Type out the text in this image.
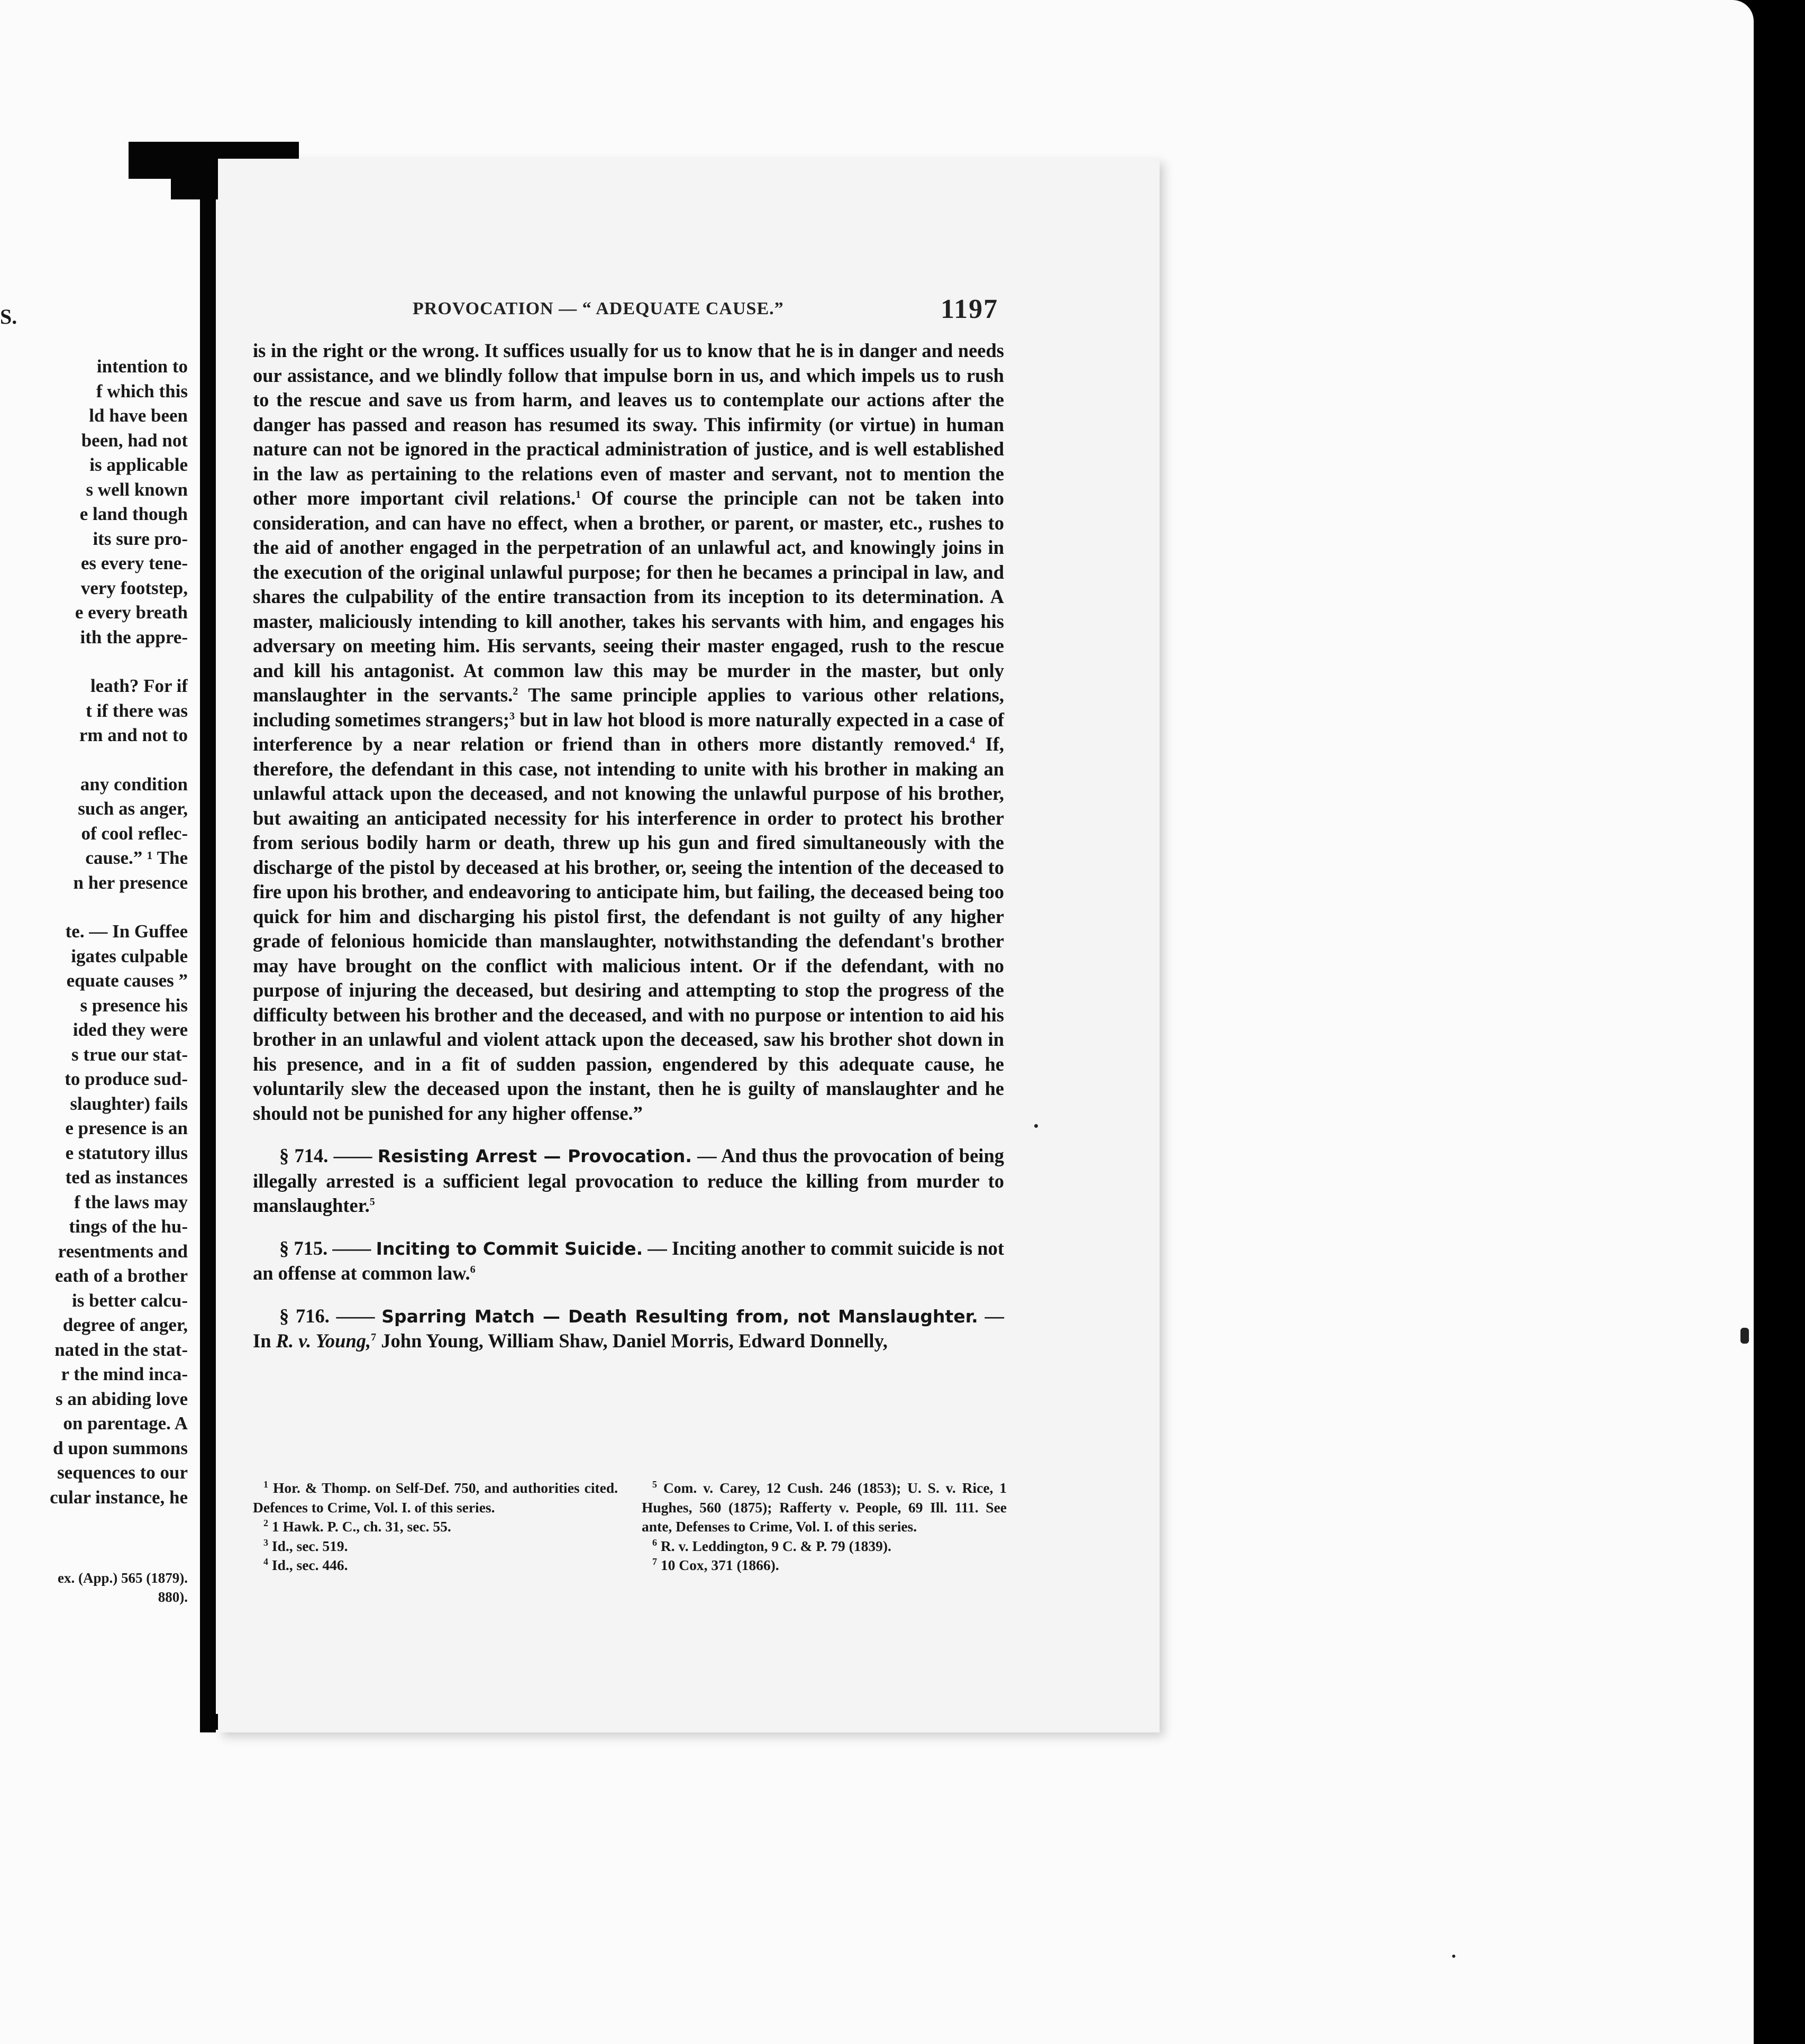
S.
intention to
f which this
ld have been
been, had not
is applicable
s well known
e land though
its sure pro-
es every tene-
very footstep,
e every breath
ith the appre-
leath? For if
t if there was
rm and not to
any condition
such as anger,
of cool reflec-
cause.” ¹ The
n her presence
te. — In Guffee
igates culpable
equate causes ”
s presence his
ided they were
s true our stat-
to produce sud-
slaughter) fails
e presence is an
e statutory illus
ted as instances
f the laws may
tings of the hu-
resentments and
eath of a brother
is better calcu-
degree of anger,
nated in the stat-
r the mind inca-
s an abiding love
on parentage. A
d upon summons
sequences to our
cular instance, he
ex. (App.) 565 (1879).
880).
PROVOCATION — “ ADEQUATE CAUSE.”	1197

is in the right or the wrong. It suffices usually for us to know that he is in danger and needs our assistance, and we blindly follow that impulse born in us, and which impels us to rush to the rescue and save us from harm, and leaves us to contemplate our actions after the danger has passed and reason has resumed its sway. This infirmity (or virtue) in human nature can not be ignored in the practical administration of justice, and is well established in the law as pertaining to the relations even of master and servant, not to mention the other more important civil relations.$^1$ Of course the principle can not be taken into consideration, and can have no effect, when a brother, or parent, or master, etc., rushes to the aid of another engaged in the perpetration of an unlawful act, and knowingly joins in the execution of the original unlawful purpose; for then he becames a principal in law, and shares the culpability of the entire transaction from its inception to its determination. A master, maliciously intending to kill another, takes his servants with him, and engages his adversary on meeting him. His servants, seeing their master engaged, rush to the rescue and kill his antagonist. At common law this may be murder in the master, but only manslaughter in the servants.$^2$ The same principle applies to various other relations, including sometimes strangers;$^3$ but in law hot blood is more naturally expected in a case of interference by a near relation or friend than in others more distantly removed.$^4$ If, therefore, the defendant in this case, not intending to unite with his brother in making an unlawful attack upon the deceased, and not knowing the unlawful purpose of his brother, but awaiting an anticipated necessity for his interference in order to protect his brother from serious bodily harm or death, threw up his gun and fired simultaneously with the discharge of the pistol by deceased at his brother, or, seeing the intention of the deceased to fire upon his brother, and endeavoring to anticipate him, but failing, the deceased being too quick for him and discharging his pistol first, the defendant is not guilty of any higher grade of felonious homicide than manslaughter, notwithstanding the defendant's brother may have brought on the conflict with malicious intent. Or if the defendant, with no purpose of injuring the deceased, but desiring and attempting to stop the progress of the difficulty between his brother and the deceased, and with no purpose or intention to aid his brother in an unlawful and violent attack upon the deceased, saw his brother shot down in his presence, and in a fit of sudden passion, engendered by this adequate cause, he voluntarily slew the deceased upon the instant, then he is guilty of manslaughter and he should not be punished for any higher offense.”

§ 714. —— Resisting Arrest — Provocation. — And thus the provocation of being illegally arrested is a sufficient legal provocation to reduce the killing from murder to manslaughter.$^5$

§ 715. —— Inciting to Commit Suicide. — Inciting another to commit suicide is not an offense at common law.$^6$

§ 716. —— Sparring Match — Death Resulting from, not Manslaughter. — In R. v. Young,$^7$ John Young, William Shaw, Daniel Morris, Edward Donnelly,

$^1$ Hor. & Thomp. on Self-Def. 750, and authorities cited. Defences to Crime, Vol. I. of this series.
$^2$ 1 Hawk. P. C., ch. 31, sec. 55.
$^3$ Id., sec. 519.
$^4$ Id., sec. 446.
$^5$ Com. v. Carey, 12 Cush. 246 (1853); U. S. v. Rice, 1 Hughes, 560 (1875); Rafferty v. People, 69 Ill. 111. See ante, Defenses to Crime, Vol. I. of this series.
$^6$ R. v. Leddington, 9 C. & P. 79 (1839).
$^7$ 10 Cox, 371 (1866).
